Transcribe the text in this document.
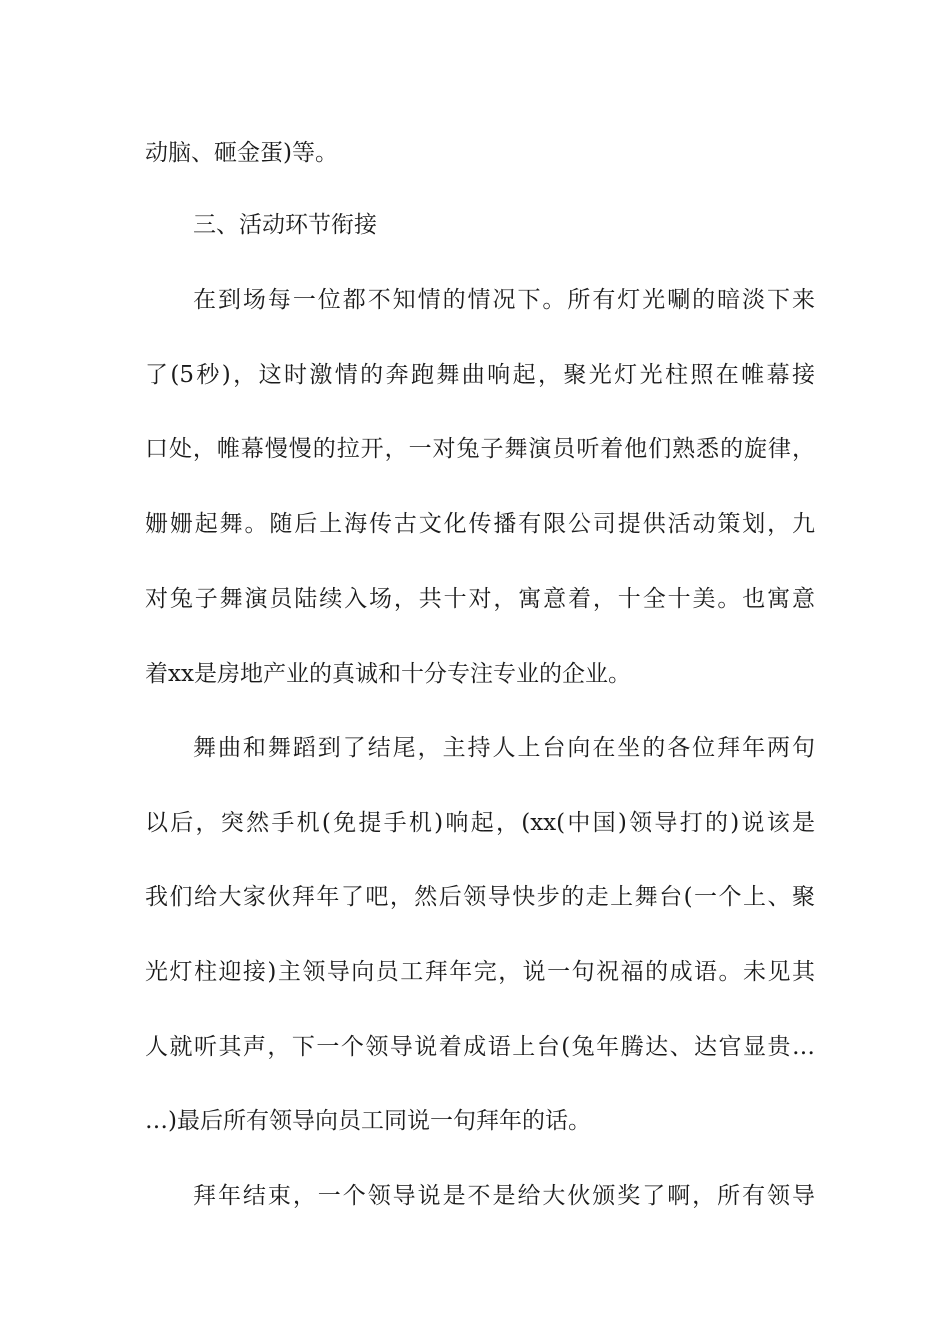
动脑、砸金蛋)等。
三、活动环节衔接
在到场每一位都不知情的情况下。所有灯光唰的暗淡下来
了(5秒)，这时激情的奔跑舞曲响起，聚光灯光柱照在帷幕接
口处，帷幕慢慢的拉开，一对兔子舞演员听着他们熟悉的旋律，
姗姗起舞。随后上海传古文化传播有限公司提供活动策划，九
对兔子舞演员陆续入场，共十对，寓意着，十全十美。也寓意
着xx是房地产业的真诚和十分专注专业的企业。
舞曲和舞蹈到了结尾，主持人上台向在坐的各位拜年两句
以后，突然手机(免提手机)响起，(xx(中国)领导打的)说该是
我们给大家伙拜年了吧，然后领导快步的走上舞台(一个上、聚
光灯柱迎接)主领导向员工拜年完，说一句祝福的成语。未见其
人就听其声，下一个领导说着成语上台(兔年腾达、达官显贵…
…)最后所有领导向员工同说一句拜年的话。
拜年结束，一个领导说是不是给大伙颁奖了啊，所有领导
